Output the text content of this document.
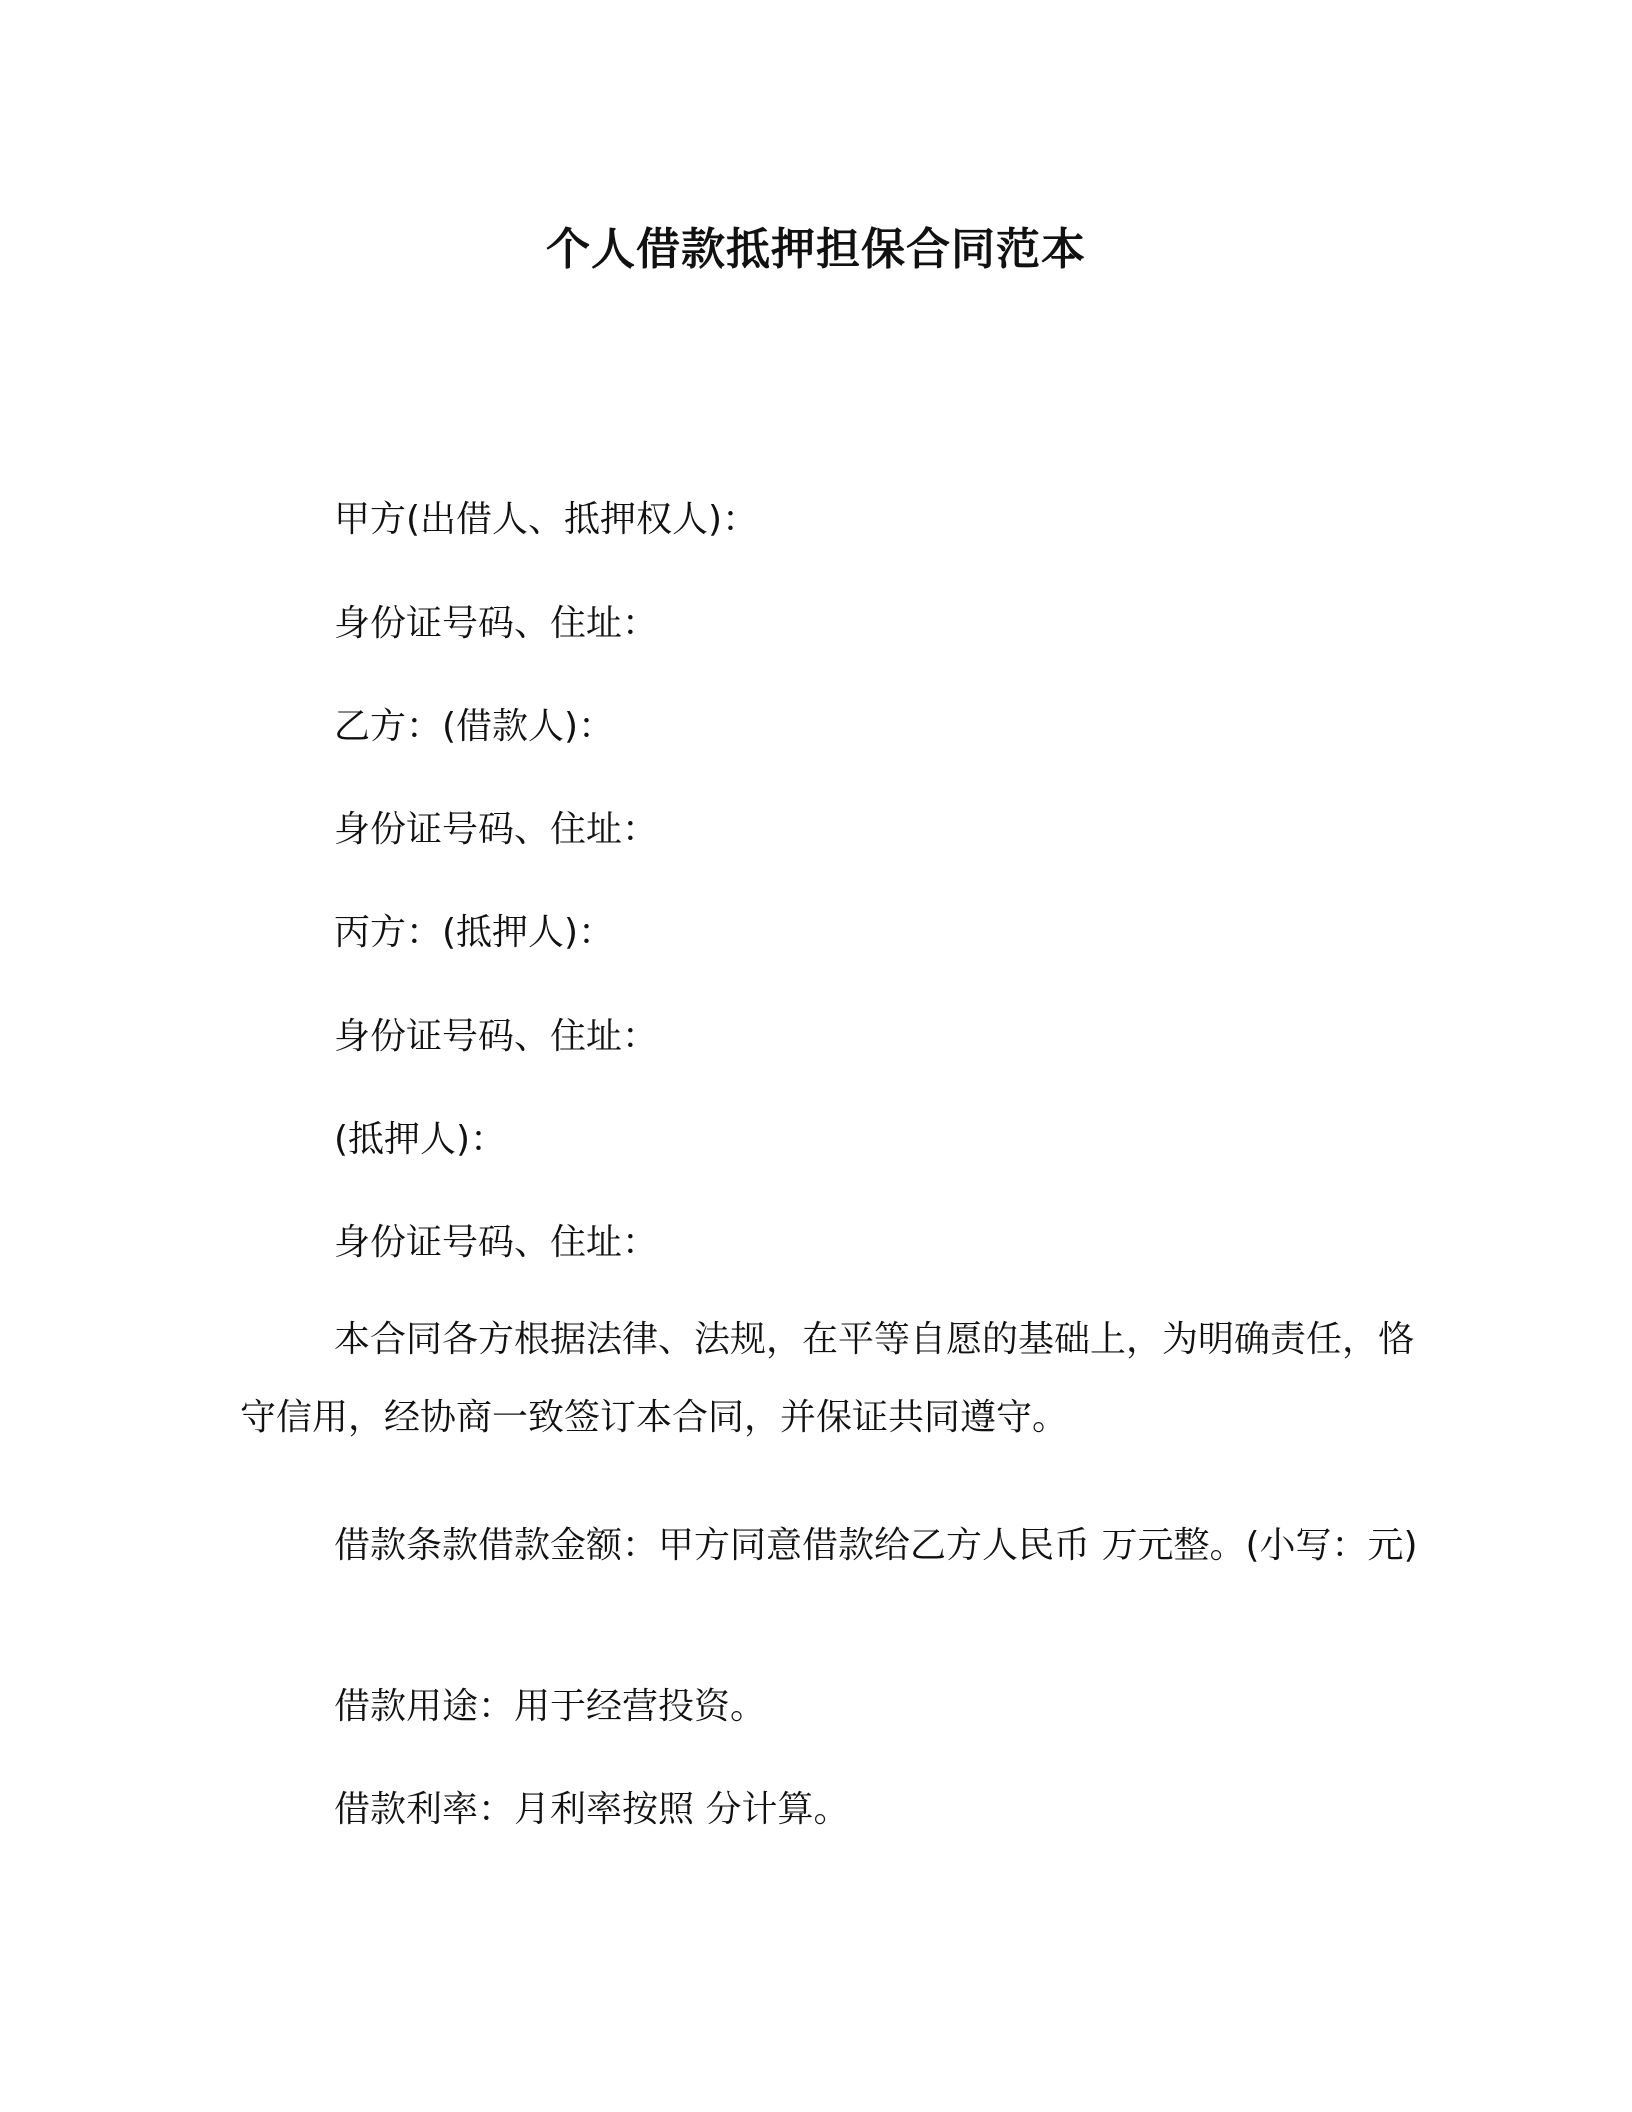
个人借款抵押担保合同范本

甲方(出借人、抵押权人)：

身份证号码、住址：

乙方：(借款人)：

身份证号码、住址：

丙方：(抵押人)：

身份证号码、住址：

(抵押人)：

身份证号码、住址：

本合同各方根据法律、法规，在平等自愿的基础上，为明确责任，恪守信用，经协商一致签订本合同，并保证共同遵守。

借款条款借款金额：甲方同意借款给乙方人民币 万元整。(小写：元)

借款用途：用于经营投资。

借款利率：月利率按照 分计算。
